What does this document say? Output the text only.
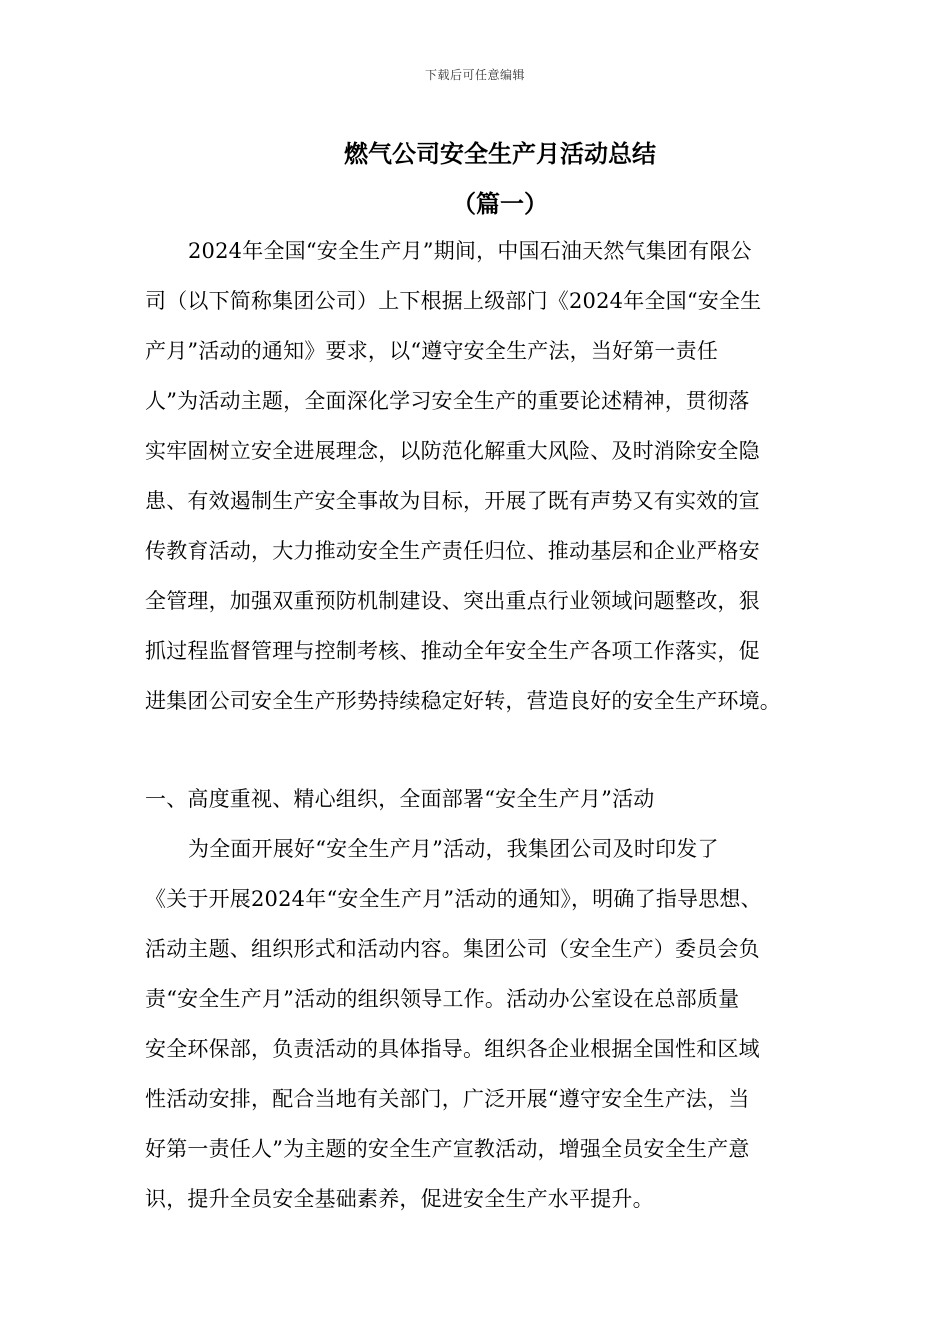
下载后可任意编辑
燃气公司安全生产月活动总结
（篇一）
2024年全国“安全生产月”期间，中国石油天然气集团有限公
司（以下简称集团公司）上下根据上级部门《2024年全国“安全生
产月”活动的通知》要求，以“遵守安全生产法，当好第一责任
人”为活动主题，全面深化学习安全生产的重要论述精神，贯彻落
实牢固树立安全进展理念，以防范化解重大风险、及时消除安全隐
患、有效遏制生产安全事故为目标，开展了既有声势又有实效的宣
传教育活动，大力推动安全生产责任归位、推动基层和企业严格安
全管理，加强双重预防机制建设、突出重点行业领域问题整改，狠
抓过程监督管理与控制考核、推动全年安全生产各项工作落实，促
进集团公司安全生产形势持续稳定好转，营造良好的安全生产环境。
一、高度重视、精心组织，全面部署“安全生产月”活动
为全面开展好“安全生产月”活动，我集团公司及时印发了
《关于开展2024年“安全生产月”活动的通知》，明确了指导思想、
活动主题、组织形式和活动内容。集团公司（安全生产）委员会负
责“安全生产月”活动的组织领导工作。活动办公室设在总部质量
安全环保部，负责活动的具体指导。组织各企业根据全国性和区域
性活动安排，配合当地有关部门，广泛开展“遵守安全生产法，当
好第一责任人”为主题的安全生产宣教活动，增强全员安全生产意
识，提升全员安全基础素养，促进安全生产水平提升。
